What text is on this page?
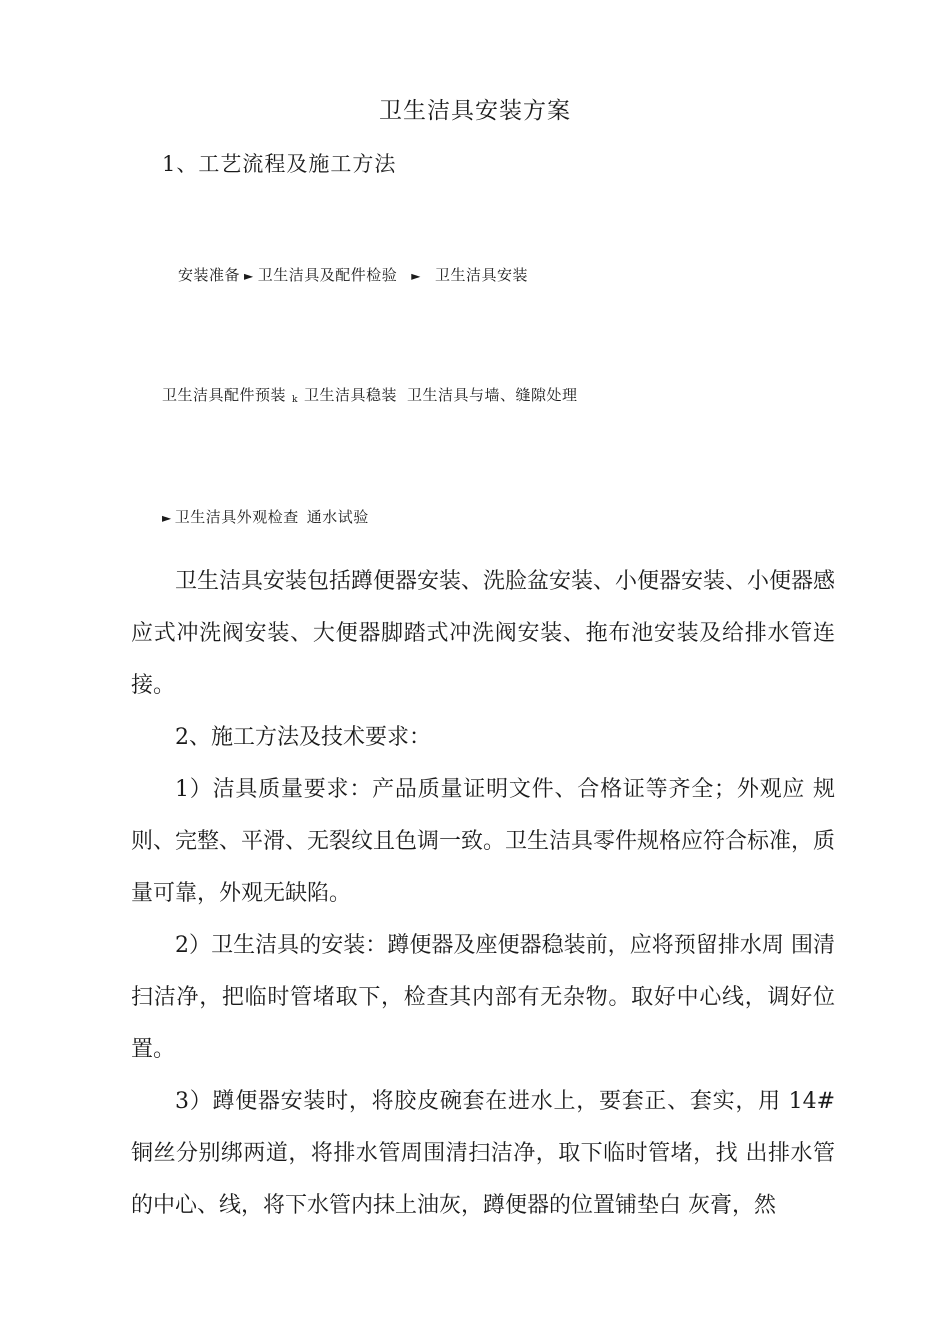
卫生洁具安装方案
1、工艺流程及施工方法
安装准备 ► 卫生洁具及配件检验 ► 卫生洁具安装
卫生洁具配件预装 k 卫生洁具稳装 卫生洁具与墙、缝隙处理
► 卫生洁具外观检查 通水试验

卫生洁具安装包括蹲便器安装、洗脸盆安装、小便器安装、小便器感应式冲洗阀安装、大便器脚踏式冲洗阀安装、拖布池安装及给排水管连接。

2、施工方法及技术要求：

1）洁具质量要求：产品质量证明文件、合格证等齐全；外观应 规则、完整、平滑、无裂纹且色调一致。卫生洁具零件规格应符合标准，质量可靠，外观无缺陷。

2）卫生洁具的安装：蹲便器及座便器稳装前，应将预留排水周 围清扫洁净，把临时管堵取下，检查其内部有无杂物。取好中心线，调好位置。

3）蹲便器安装时，将胶皮碗套在进水上，要套正、套实，用 14#铜丝分别绑两道，将排水管周围清扫洁净，取下临时管堵，找 出排水管的中心、线，将下水管内抹上油灰，蹲便器的位置铺垫白 灰膏，然
